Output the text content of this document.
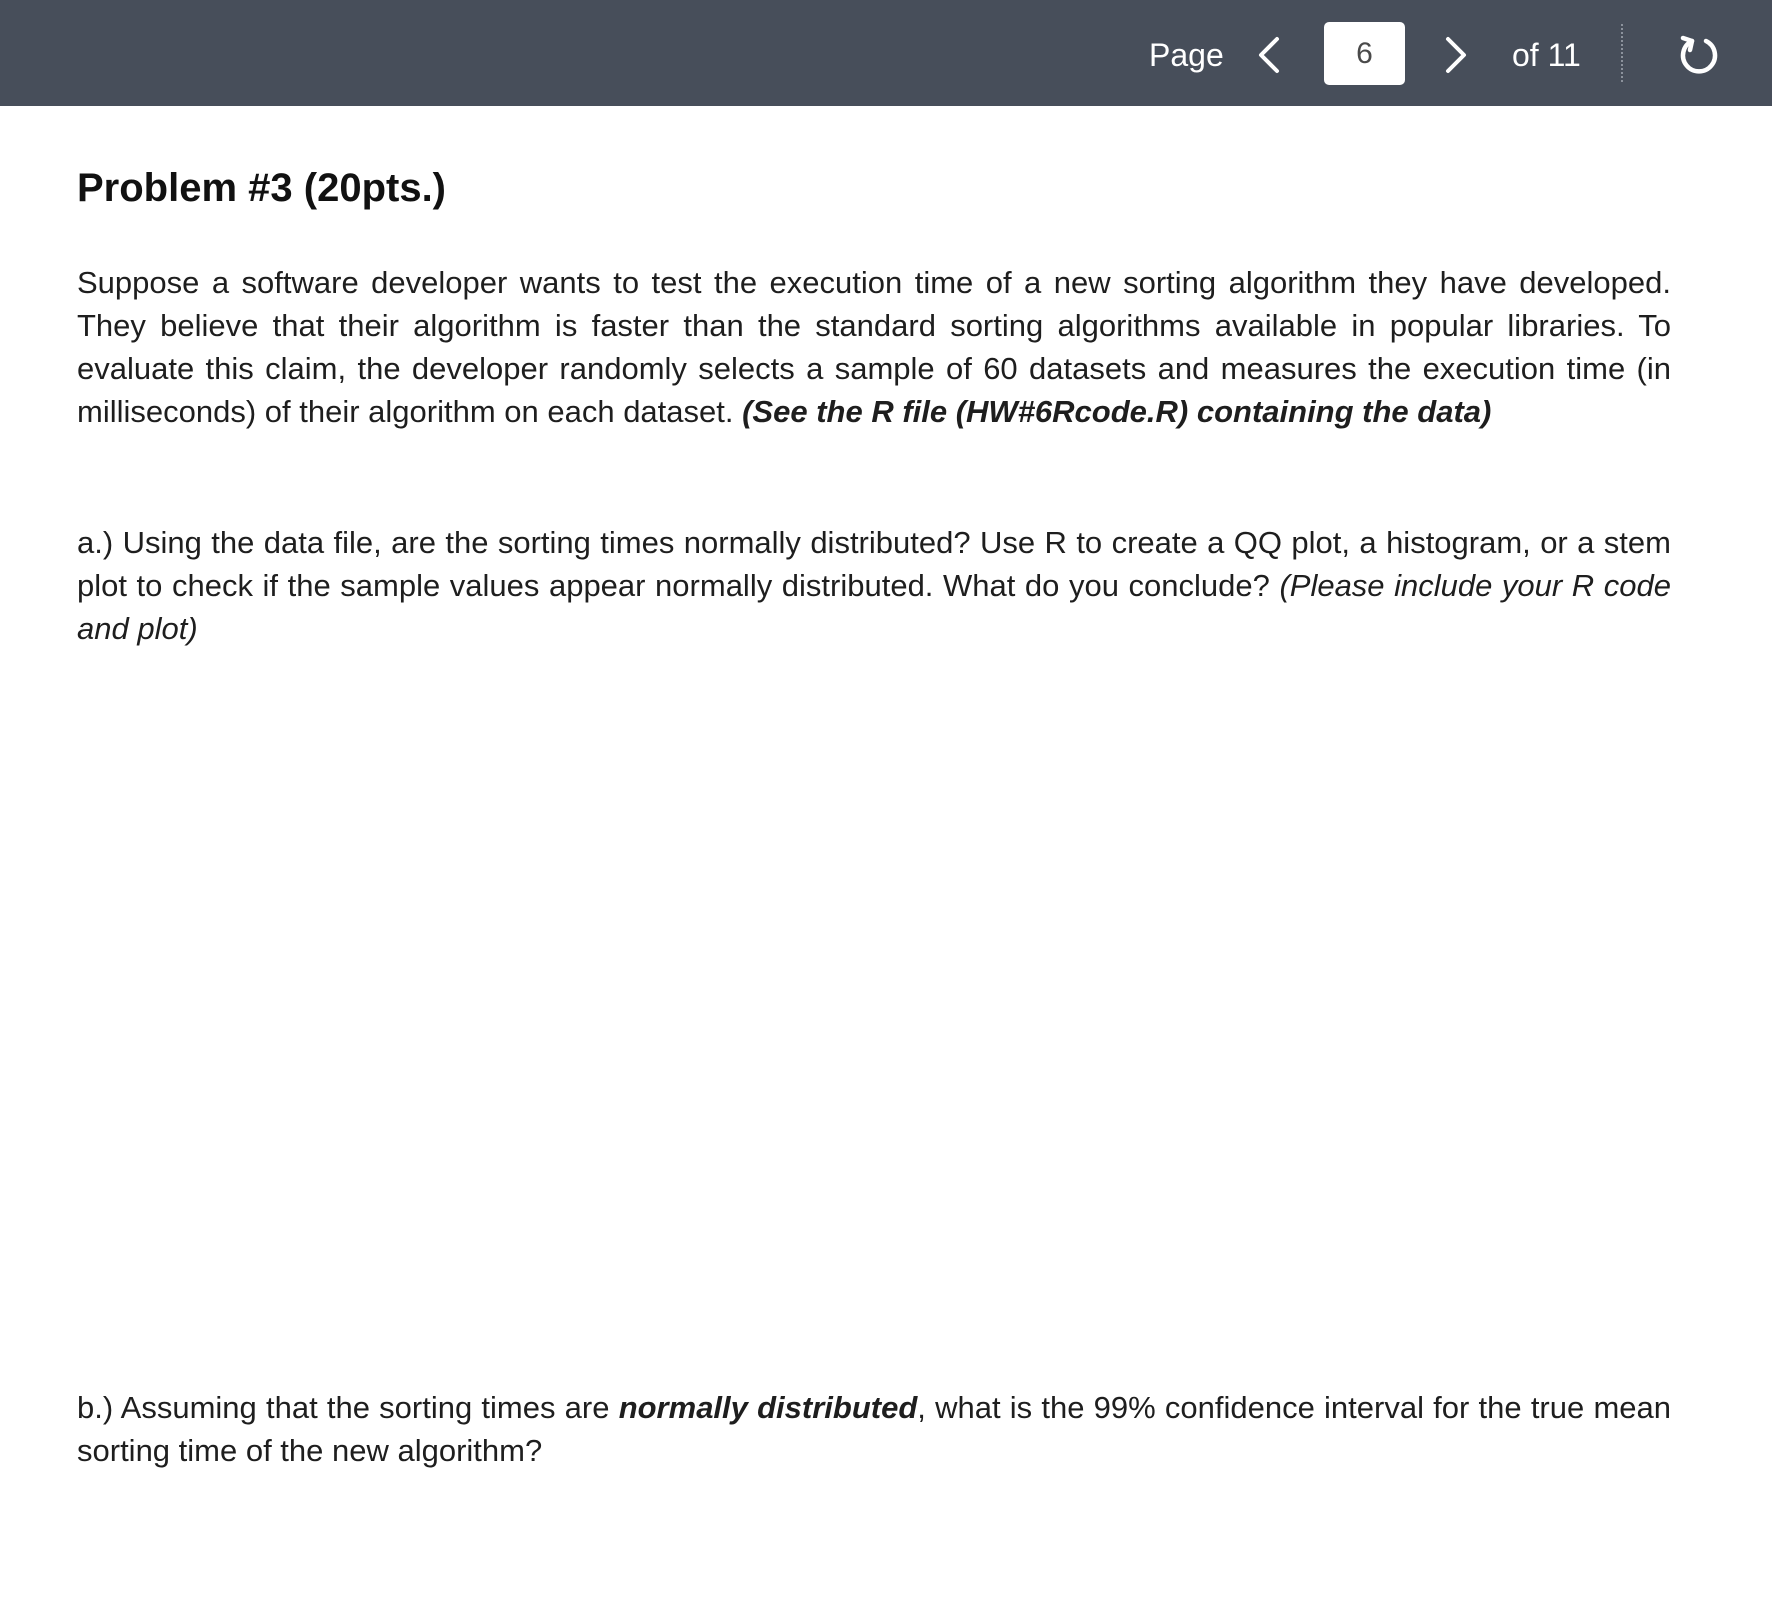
Page
6	of 11
Problem #3 (20pts.)

Suppose a software developer wants to test the execution time of a new sorting algorithm they have developed. They believe that their algorithm is faster than the standard sorting algorithms available in popular libraries. To evaluate this claim, the developer randomly selects a sample of 60 datasets and measures the execution time (in milliseconds) of their algorithm on each dataset. (See the R file (HW#6Rcode.R) containing the data)

a.) Using the data file, are the sorting times normally distributed? Use R to create a QQ plot, a histogram, or a stem plot to check if the sample values appear normally distributed. What do you conclude? (Please include your R code and plot)

b.) Assuming that the sorting times are normally distributed, what is the 99% confidence interval for the true mean sorting time of the new algorithm?
